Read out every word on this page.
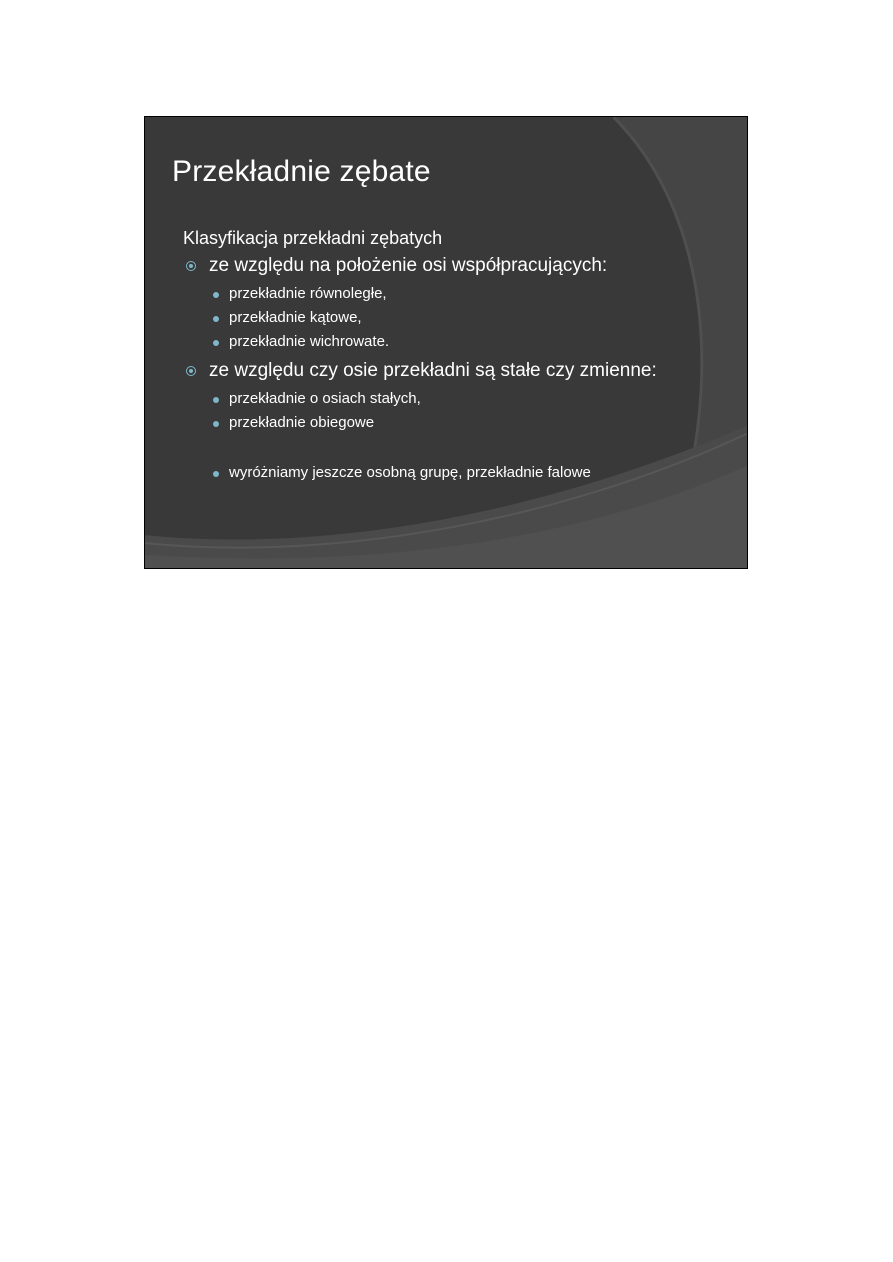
Przekładnie zębate

Klasyfikacja przekładni zębatych

ze względu na położenie osi współpracujących:

przekładnie równoległe,
przekładnie kątowe,
przekładnie wichrowate.

ze względu czy osie przekładni są stałe czy zmienne:

przekładnie o osiach stałych,
przekładnie obiegowe
wyróżniamy jeszcze osobną grupę, przekładnie falowe
